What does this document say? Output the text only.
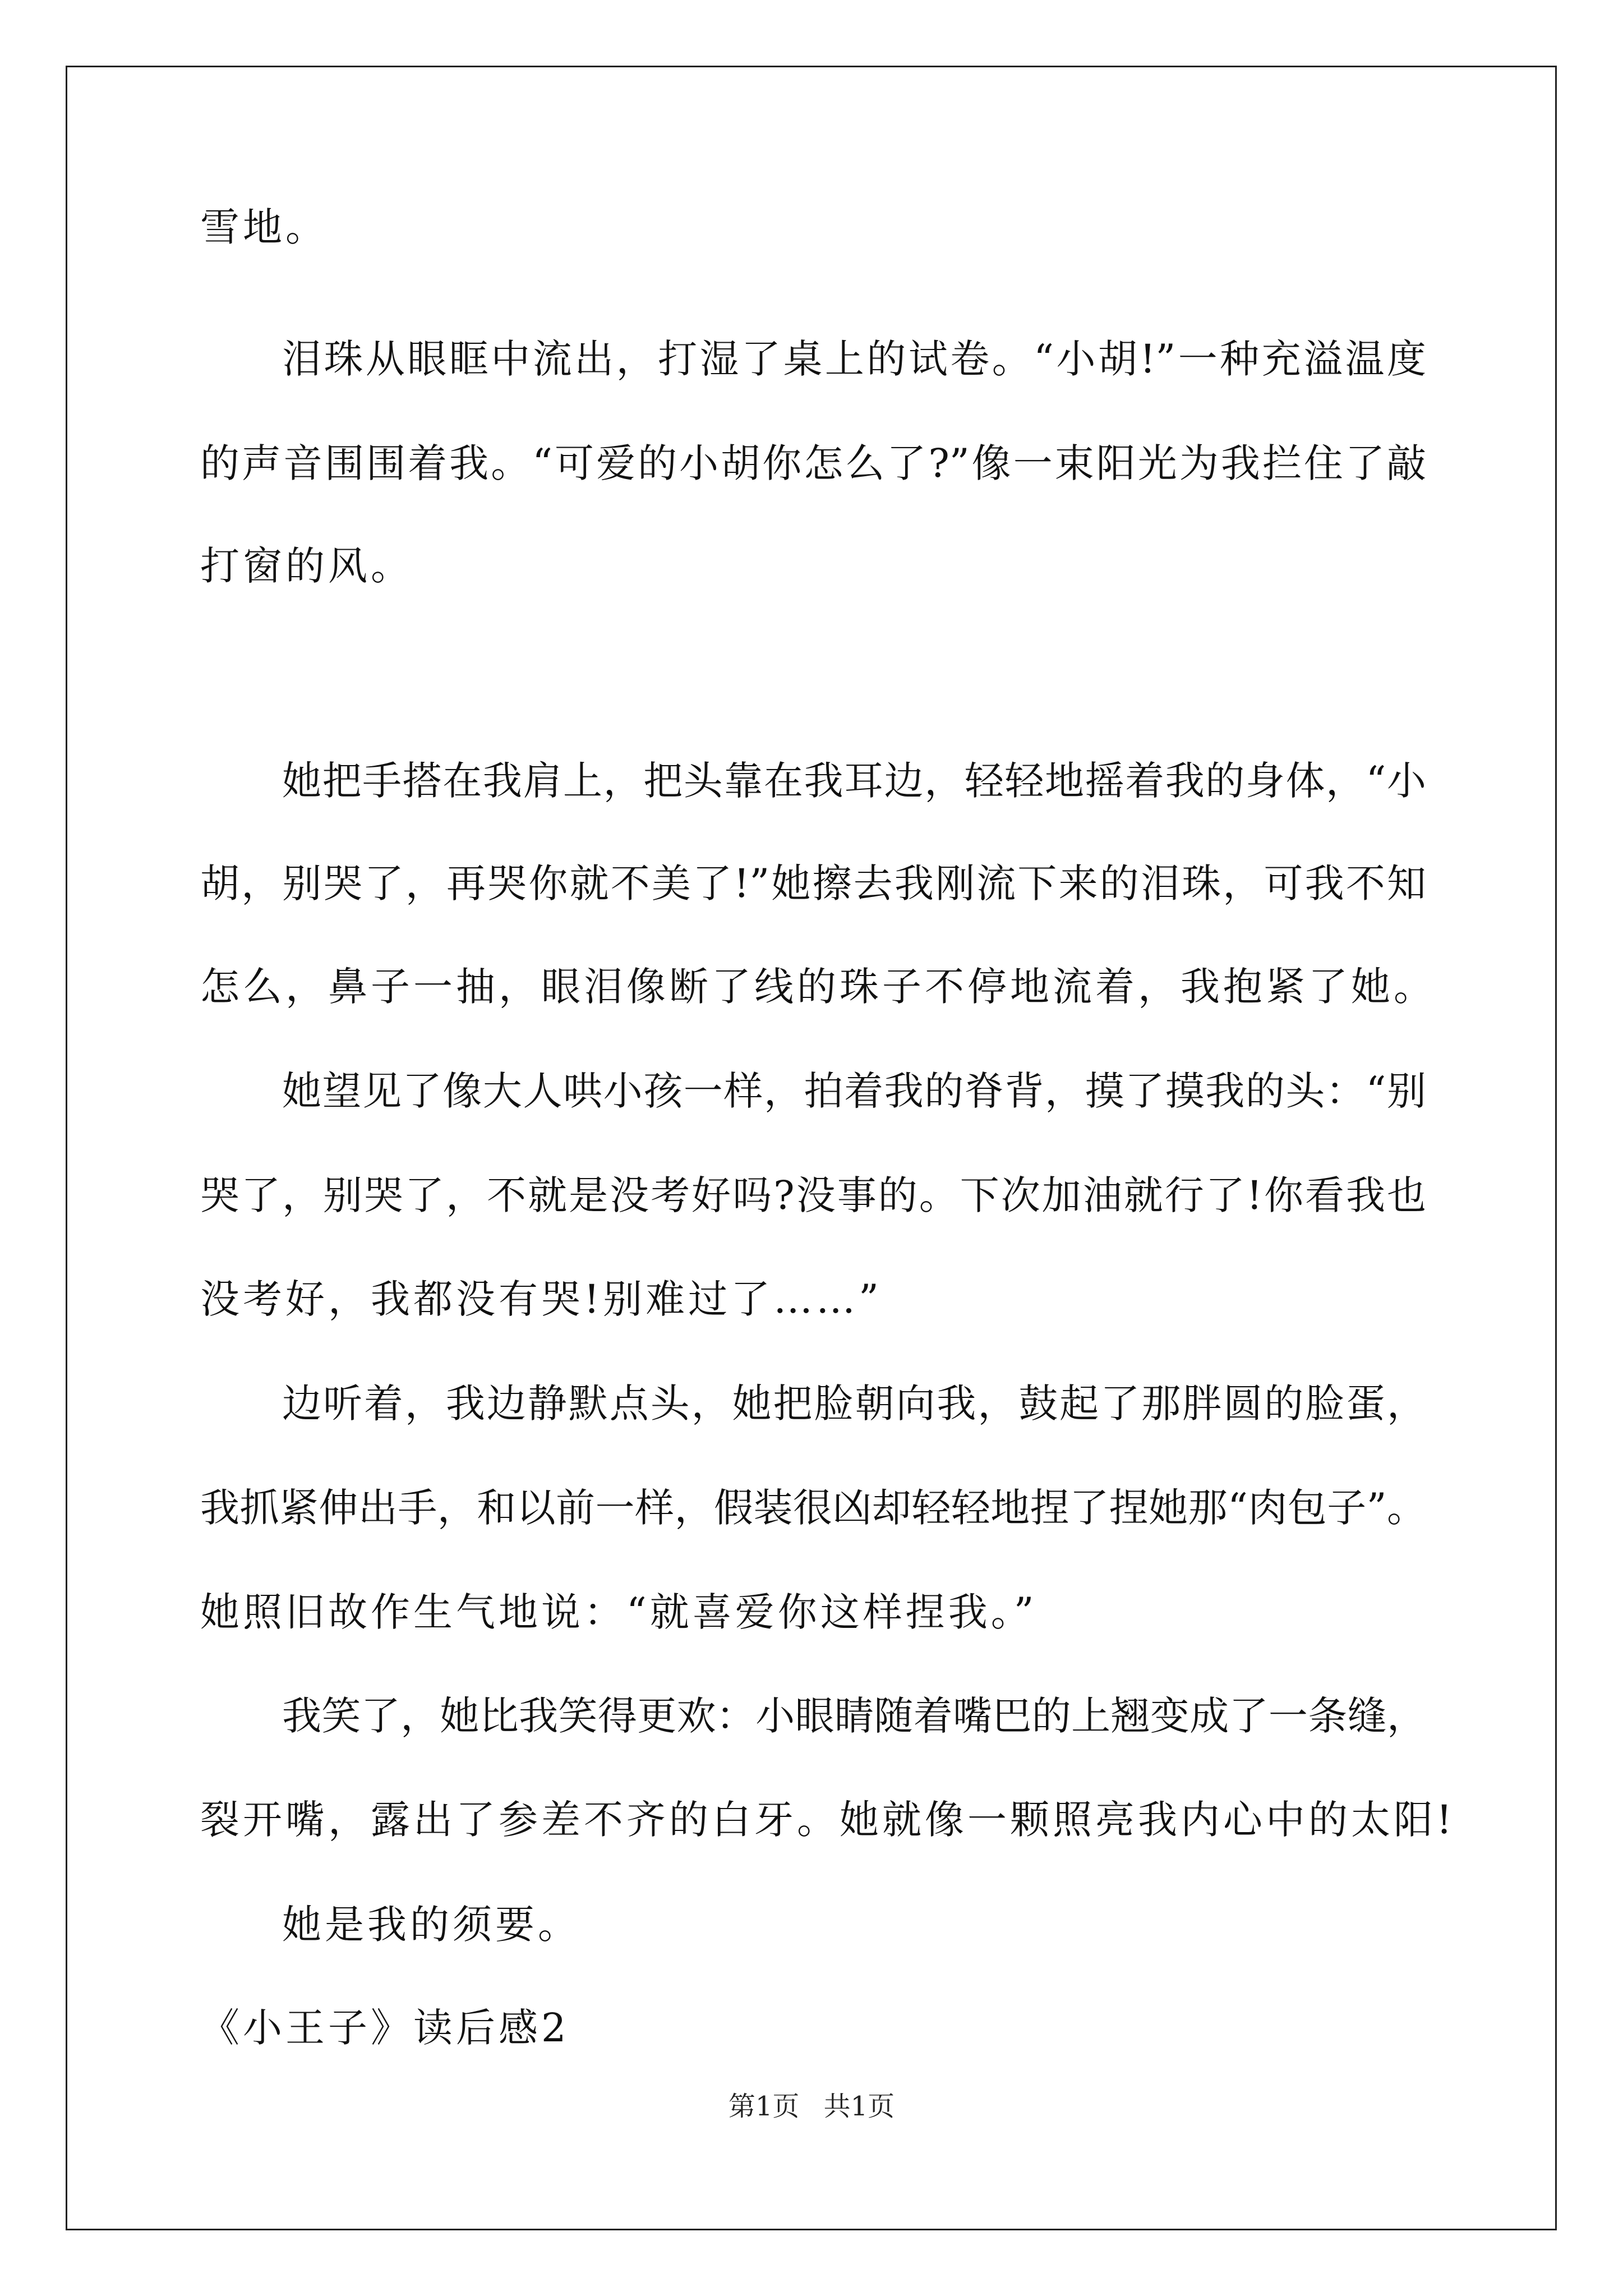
雪地。
泪珠从眼眶中流出，打湿了桌上的试卷。“小胡!”一种充溢温度
的声音围围着我。“可爱的小胡你怎么了?”像一束阳光为我拦住了敲
打窗的风。
她把手搭在我肩上，把头靠在我耳边，轻轻地摇着我的身体，“小
胡，别哭了，再哭你就不美了!”她擦去我刚流下来的泪珠，可我不知
怎么，鼻子一抽，眼泪像断了线的珠子不停地流着，我抱紧了她。
她望见了像大人哄小孩一样，拍着我的脊背，摸了摸我的头：“别
哭了，别哭了，不就是没考好吗?没事的。下次加油就行了!你看我也
没考好，我都没有哭!别难过了……”
边听着，我边静默点头，她把脸朝向我，鼓起了那胖圆的脸蛋，
我抓紧伸出手，和以前一样，假装很凶却轻轻地捏了捏她那“肉包子”。
她照旧故作生气地说：“就喜爱你这样捏我。”
我笑了，她比我笑得更欢：小眼睛随着嘴巴的上翘变成了一条缝，
裂开嘴，露出了参差不齐的白牙。她就像一颗照亮我内心中的太阳!
她是我的须要。
《小王子》读后感2
第1页 共1页
